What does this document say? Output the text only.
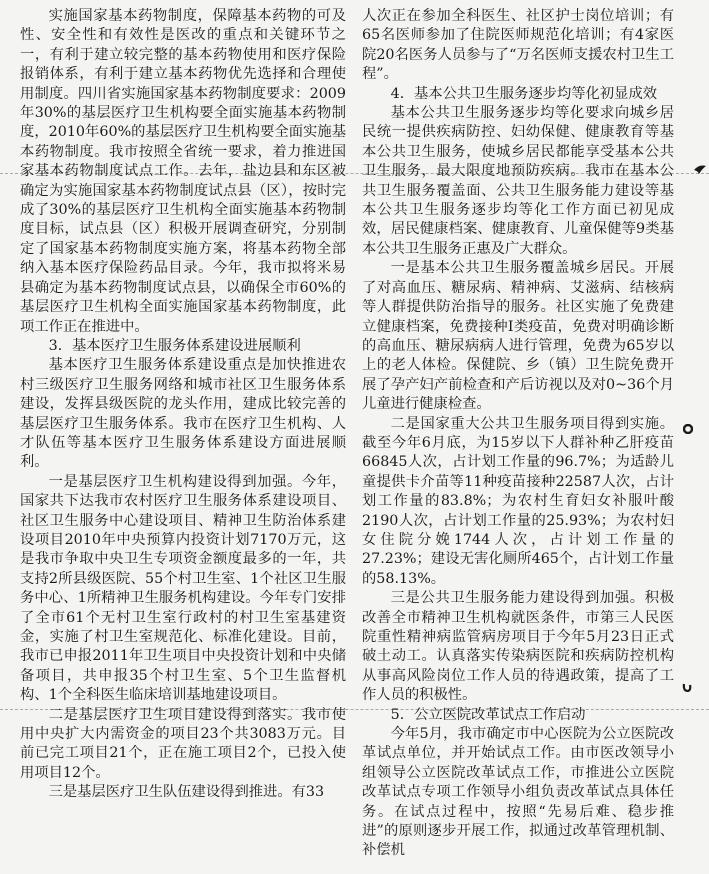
实施国家基本药物制度，保障基本药物的可及性、安全性和有效性是医改的重点和关键环节之一，有利于建立较完整的基本药物使用和医疗保险报销体系，有利于建立基本药物优先选择和合理使用制度。四川省实施国家基本药物制度要求：2009年30%的基层医疗卫生机构要全面实施基本药物制度，2010年60%的基层医疗卫生机构要全面实施基本药物制度。我市按照全省统一要求，着力推进国家基本药物制度试点工作。去年，盐边县和东区被确定为实施国家基本药物制度试点县（区），按时完成了30%的基层医疗卫生机构全面实施基本药物制度目标，试点县（区）积极开展调查研究，分别制定了国家基本药物制度实施方案，将基本药物全部纳入基本医疗保险药品目录。今年，我市拟将米易县确定为基本药物制度试点县，以确保全市60%的基层医疗卫生机构全面实施国家基本药物制度，此项工作正在推进中。

3．基本医疗卫生服务体系建设进展顺利

基本医疗卫生服务体系建设重点是加快推进农村三级医疗卫生服务网络和城市社区卫生服务体系建设，发挥县级医院的龙头作用，建成比较完善的基层医疗卫生服务体系。我市在医疗卫生机构、人才队伍等基本医疗卫生服务体系建设方面进展顺利。

一是基层医疗卫生机构建设得到加强。今年，国家共下达我市农村医疗卫生服务体系建设项目、社区卫生服务中心建设项目、精神卫生防治体系建设项目2010年中央预算内投资计划7170万元，这是我市争取中央卫生专项资金额度最多的一年，共支持2所县级医院、55个村卫生室、1个社区卫生服务中心、1所精神卫生服务机构建设。今年专门安排了全市61个无村卫生室行政村的村卫生室基建资金，实施了村卫生室规范化、标准化建设。目前，我市已申报2011年卫生项目中央投资计划和中央储备项目，共申报35个村卫生室、5个卫生监督机构、1个全科医生临床培训基地建设项目。

二是基层医疗卫生项目建设得到落实。我市使用中央扩大内需资金的项目23个共3083万元。目前已完工项目21个，正在施工项目2个，已投入使用项目12个。

三是基层医疗卫生队伍建设得到推进。有33

人次正在参加全科医生、社区护士岗位培训；有65名医师参加了住院医师规范化培训；有4家医院20名医务人员参与了“万名医师支援农村卫生工程”。

4．基本公共卫生服务逐步均等化初显成效

基本公共卫生服务逐步均等化要求向城乡居民统一提供疾病防控、妇幼保健、健康教育等基本公共卫生服务，使城乡居民都能享受基本公共卫生服务，最大限度地预防疾病。我市在基本公共卫生服务覆盖面、公共卫生服务能力建设等基本公共卫生服务逐步均等化工作方面已初见成效，居民健康档案、健康教育、儿童保健等9类基本公共卫生服务正惠及广大群众。

一是基本公共卫生服务覆盖城乡居民。开展了对高血压、糖尿病、精神病、艾滋病、结核病等人群提供防治指导的服务。社区实施了免费建立健康档案，免费接种Ⅰ类疫苗，免费对明确诊断的高血压、糖尿病病人进行管理，免费为65岁以上的老人体检。保健院、乡（镇）卫生院免费开展了孕产妇产前检查和产后访视以及对0~36个月儿童进行健康检查。

二是国家重大公共卫生服务项目得到实施。截至今年6月底，为15岁以下人群补种乙肝疫苗66845人次，占计划工作量的96.7%；为适龄儿童提供卡介苗等11种疫苗接种22587人次，占计划工作量的83.8%；为农村生育妇女补服叶酸2190人次，占计划工作量的25.93%；为农村妇女住院分娩1744人次，占计划工作量的27.23%；建设无害化厕所465个，占计划工作量的58.13%。

三是公共卫生服务能力建设得到加强。积极改善全市精神卫生机构就医条件，市第三人民医院重性精神病监管病房项目于今年5月23日正式破土动工。认真落实传染病医院和疾病防控机构从事高风险岗位工作人员的待遇政策，提高了工作人员的积极性。

5．公立医院改革试点工作启动

今年5月，我市确定市中心医院为公立医院改革试点单位，并开始试点工作。由市医改领导小组领导公立医院改革试点工作，市推进公立医院改革试点专项工作领导小组负责改革试点具体任务。在试点过程中，按照“先易后难、稳步推进”的原则逐步开展工作，拟通过改革管理机制、补偿机
